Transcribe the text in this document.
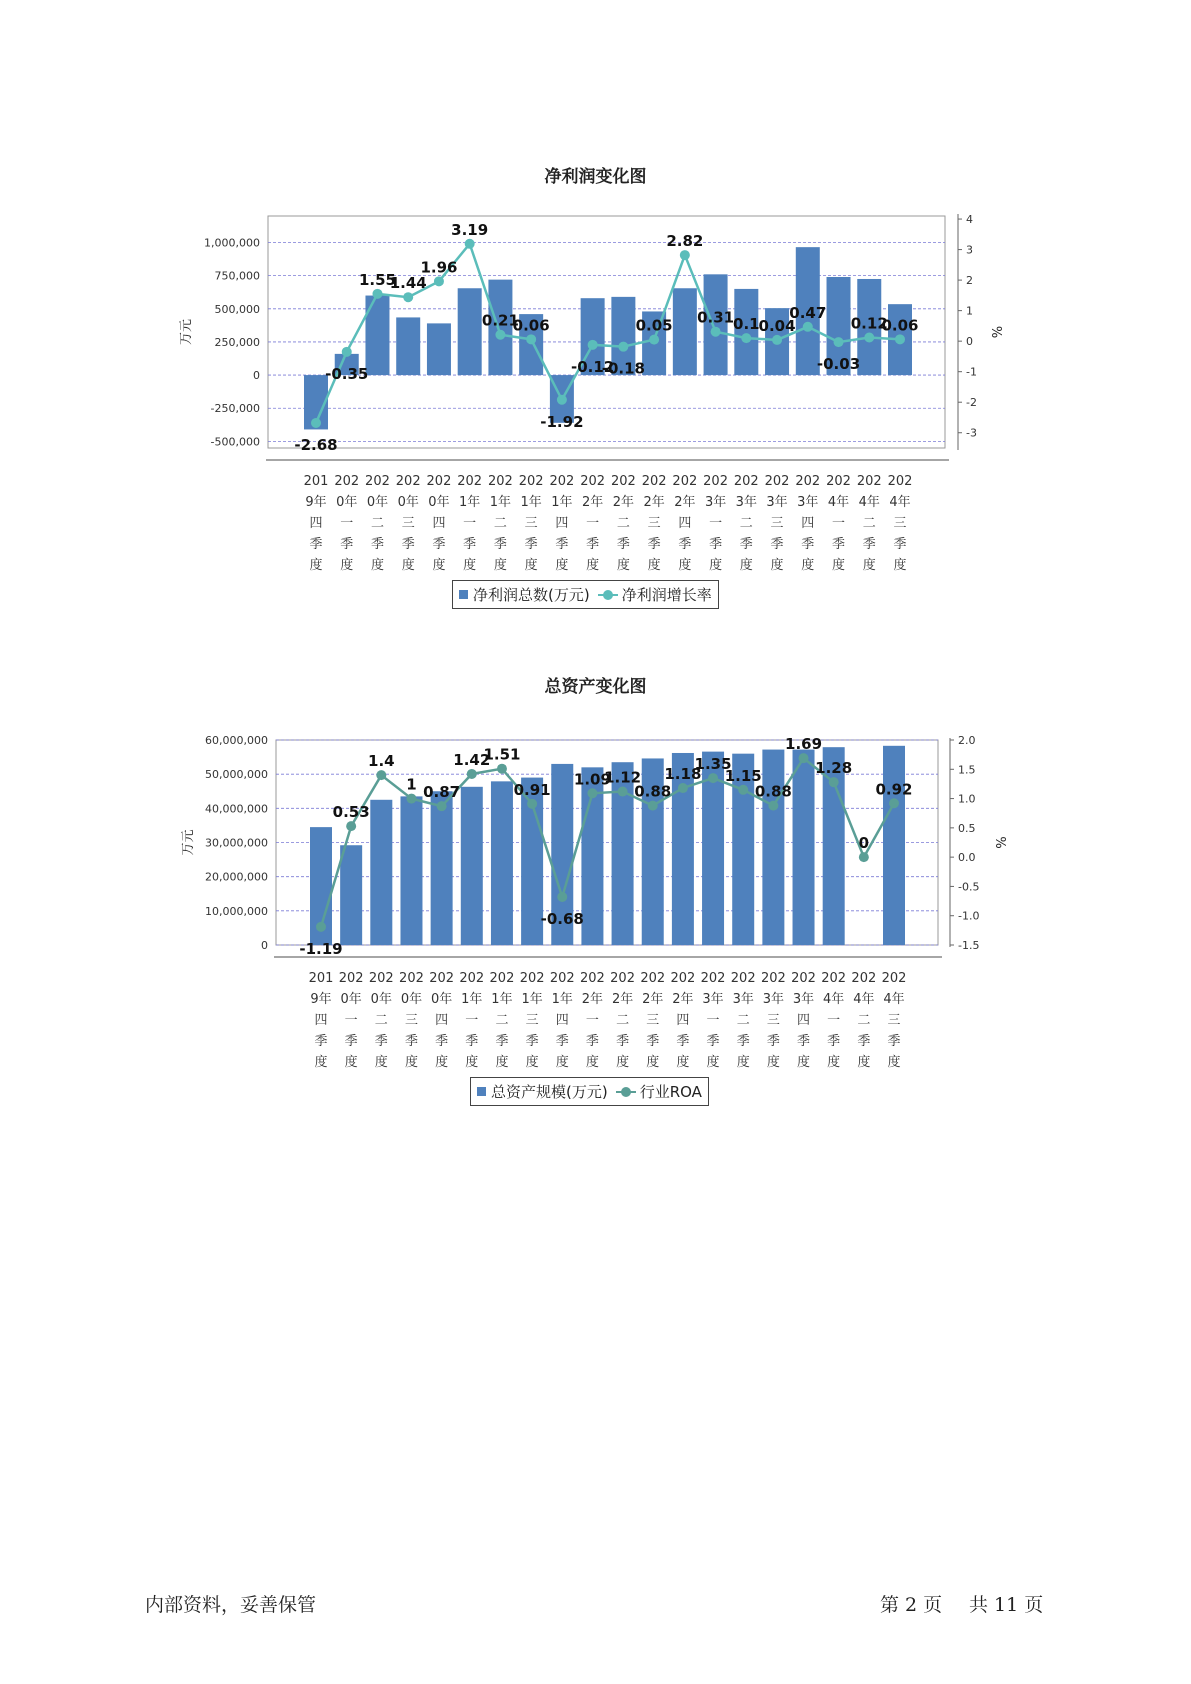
净利润变化图
-500,000
-250,000
0
250,000
500,000
750,000
1,000,000
-3
-2
-1
0
1
2
3
4
万元	%
201 9年四季度
202 0年一季度
202 0年二季度
202 0年三季度
202 0年四季度
202 1年一季度
202 1年二季度
202 1年三季度
202 1年四季度
202 2年一季度
202 2年二季度
202 2年三季度
202 2年四季度
202 3年一季度
202 3年二季度
202 3年三季度
202 3年四季度
202 4年一季度
202 4年二季度
202 4年三季度
-2.68
-0.35
1.55
1.44
1.96
3.19
0.21
0.06
-1.92
-0.12
-0.18
0.05
2.82
0.31
0.1
0.04
0.47
-0.03
0.12
0.06
净利润总数(万元) 净利润增长率
总资产变化图
0
10,000,000
20,000,000
30,000,000
40,000,000
50,000,000
60,000,000
-1.5
-1.0
-0.5
0.0
0.5
1.0
1.5
2.0
万元	%
201 9年四季度
202 0年一季度
202 0年二季度
202 0年三季度
202 0年四季度
202 1年一季度
202 1年二季度
202 1年三季度
202 1年四季度
202 2年一季度
202 2年二季度
202 2年三季度
202 2年四季度
202 3年一季度
202 3年二季度
202 3年三季度
202 3年四季度
202 4年一季度
202 4年二季度
202 4年三季度
-1.19
0.53
1.4
1 0.87
1.42
1.51
0.91
-0.68
1.09
1.12
0.88
1.18
1.35
1.15
0.88
1.69
1.28
0
0.92
总资产规模(万元) 行业ROA
内部资料，妥善保管	第 2 页 共 11 页
